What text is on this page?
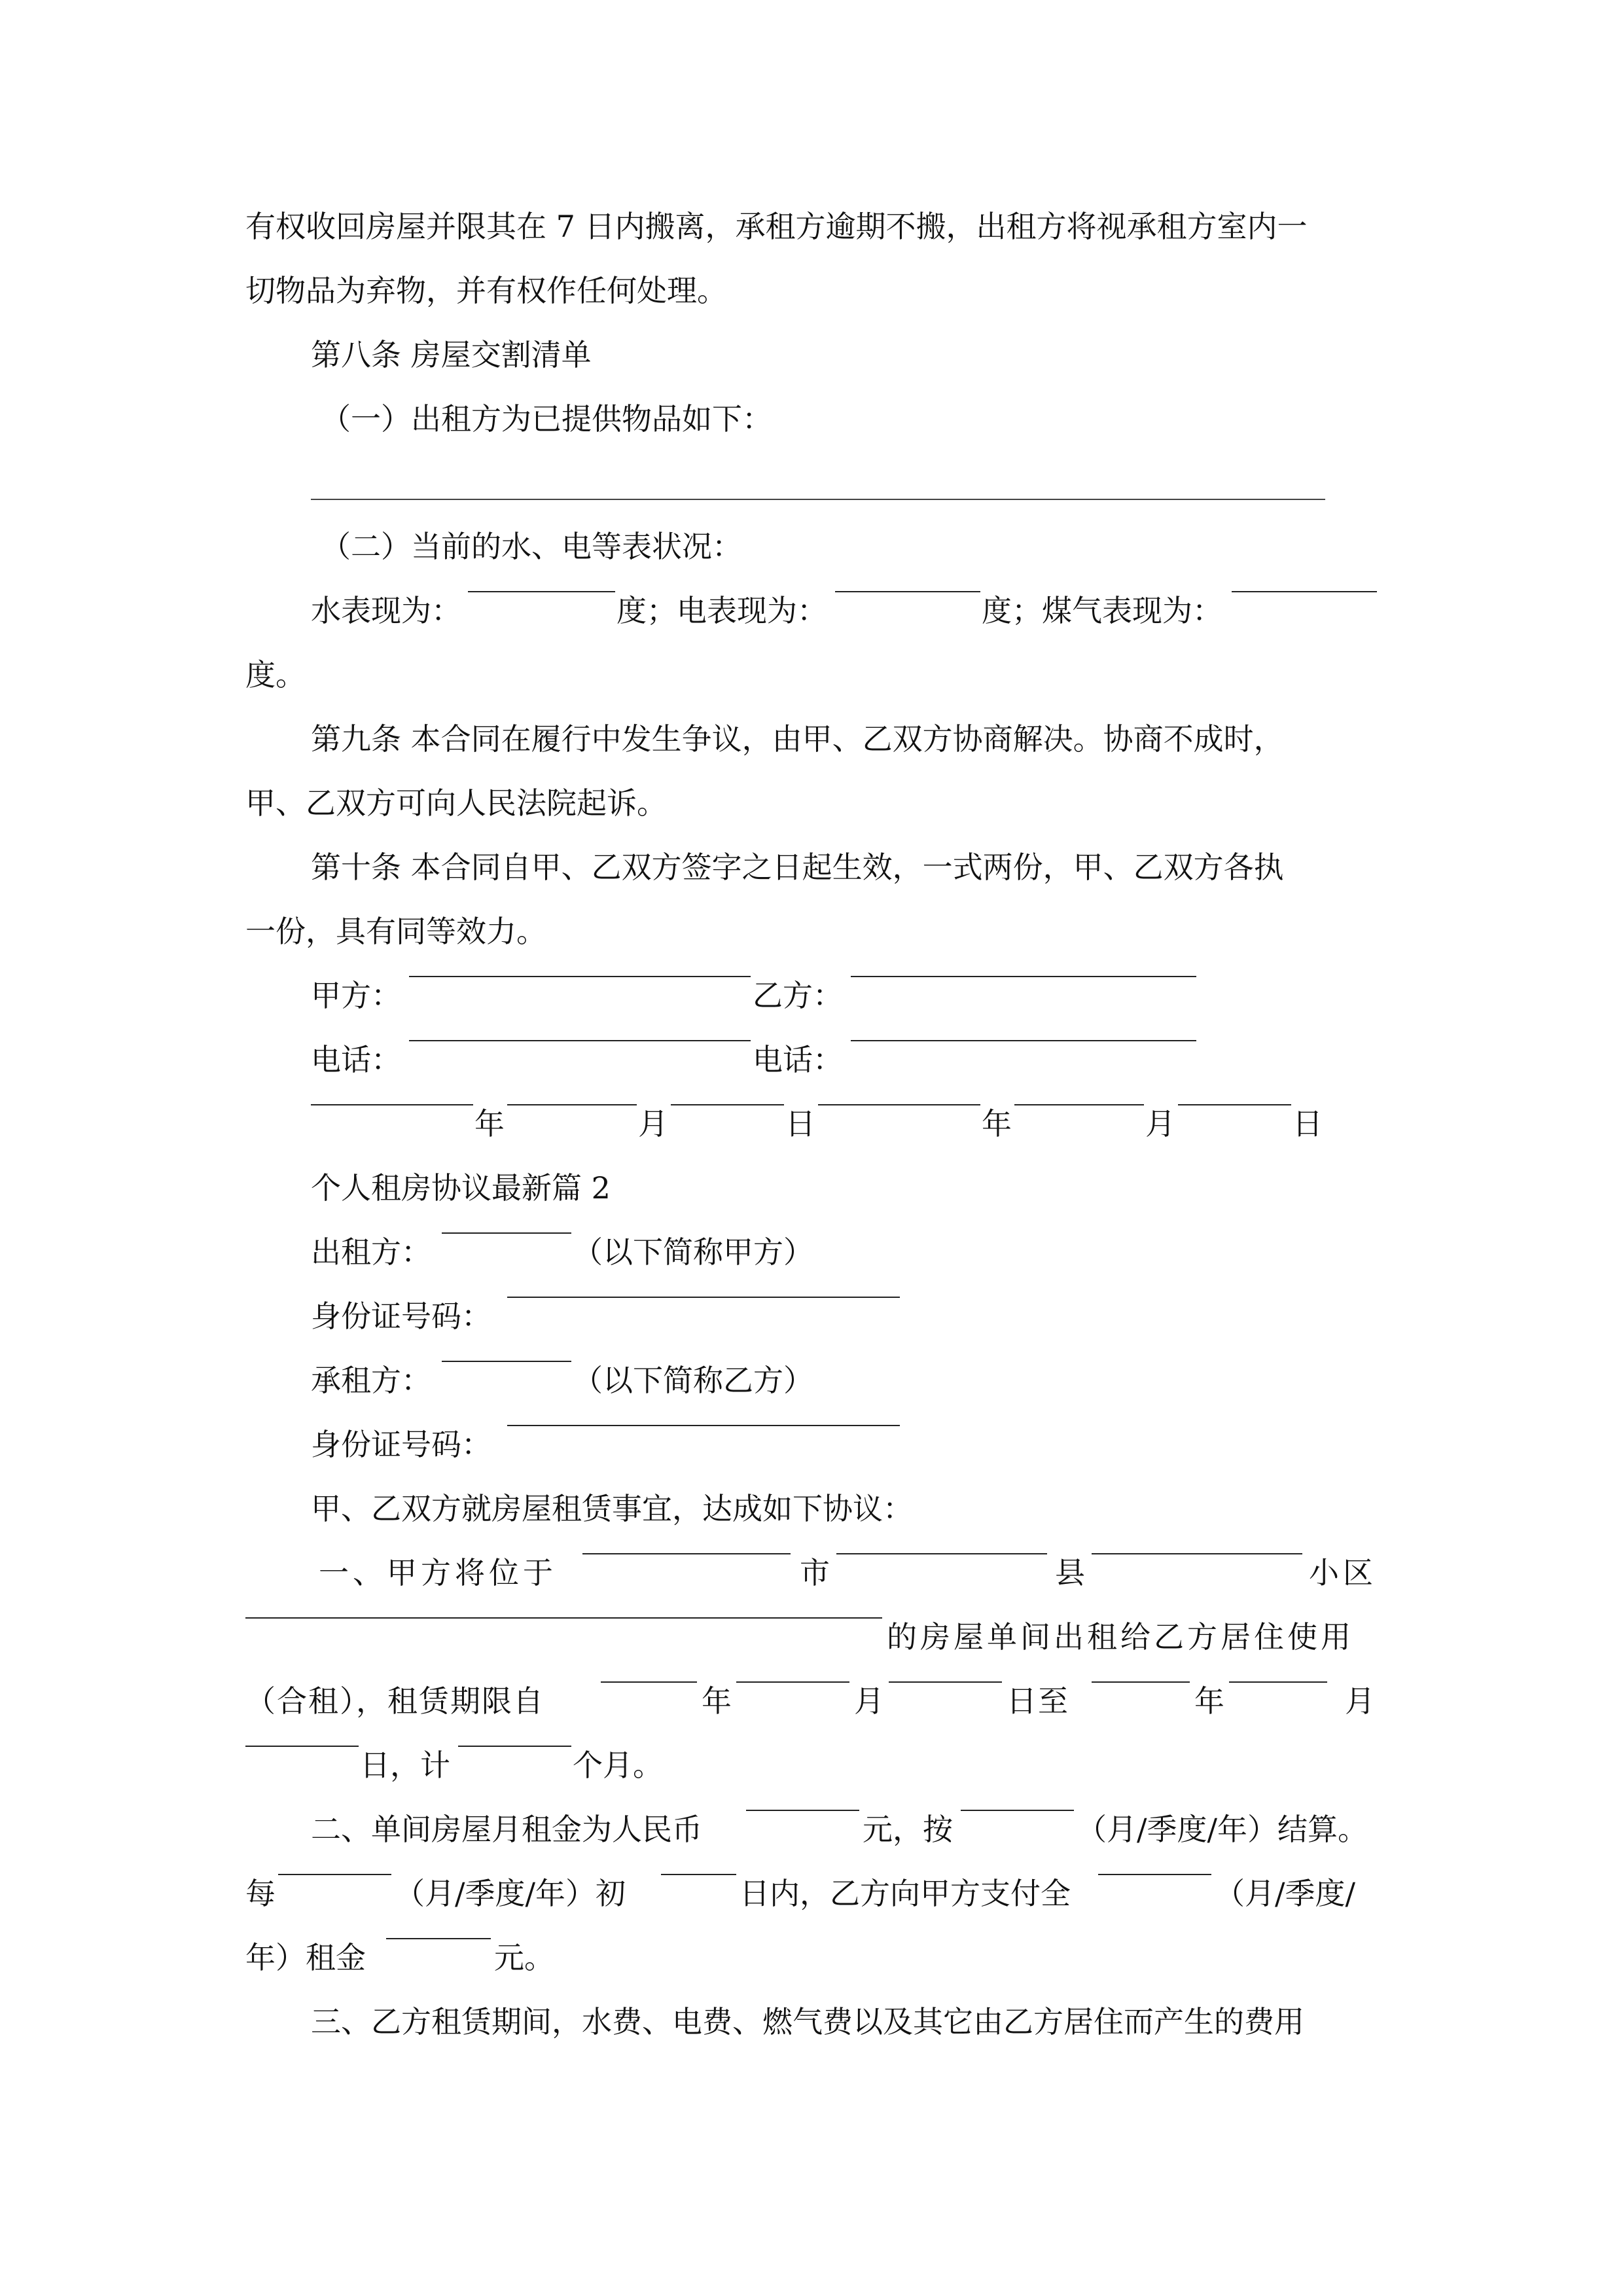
有权收回房屋并限其在 7 日内搬离，承租方逾期不搬，出租方将视承租方室内一
切物品为弃物，并有权作任何处理。
第八条 房屋交割清单
（一）出租方为已提供物品如下：
（二）当前的水、电等表状况：
水表现为：	度；电表现为：	度；煤气表现为：
度。
第九条 本合同在履行中发生争议，由甲、乙双方协商解决。协商不成时，
甲、乙双方可向人民法院起诉。
第十条 本合同自甲、乙双方签字之日起生效，一式两份，甲、乙双方各执
一份，具有同等效力。
甲方：	乙方：
电话：	电话：
年	月	日	年	月	日
个人租房协议最新篇 2
出租方：	（以下简称甲方）
身份证号码：
承租方：	（以下简称乙方）
身份证号码：
甲、乙双方就房屋租赁事宜，达成如下协议：
一、甲方将位于	市	县	小区
的房屋单间出租给乙方居住使用
（合租），租赁期限自	年	月	日至	年	月
日，计	个月。
二、单间房屋月租金为人民币	元，按	（月/季度/年）结算。
每	（月/季度/年）初	日内，乙方向甲方支付全	（月/季度/
年）租金	元。
三、乙方租赁期间，水费、电费、燃气费以及其它由乙方居住而产生的费用
